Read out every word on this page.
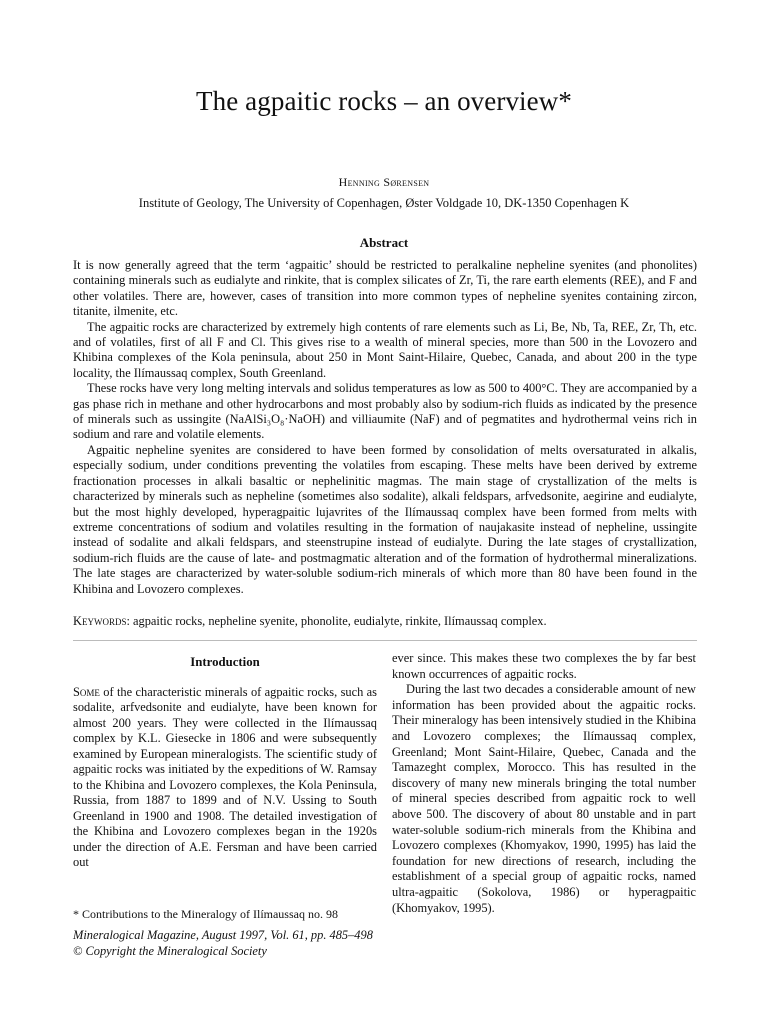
The agpaitic rocks – an overview*
Henning Sørensen
Institute of Geology, The University of Copenhagen, Øster Voldgade 10, DK-1350 Copenhagen K
Abstract

It is now generally agreed that the term ‘agpaitic’ should be restricted to peralkaline nepheline syenites (and phonolites) containing minerals such as eudialyte and rinkite, that is complex silicates of Zr, Ti, the rare earth elements (REE), and F and other volatiles. There are, however, cases of transition into more common types of nepheline syenites containing zircon, titanite, ilmenite, etc.

The agpaitic rocks are characterized by extremely high contents of rare elements such as Li, Be, Nb, Ta, REE, Zr, Th, etc. and of volatiles, first of all F and Cl. This gives rise to a wealth of mineral species, more than 500 in the Lovozero and Khibina complexes of the Kola peninsula, about 250 in Mont Saint-Hilaire, Quebec, Canada, and about 200 in the type locality, the Ilímaussaq complex, South Greenland.

These rocks have very long melting intervals and solidus temperatures as low as 500 to 400°C. They are accompanied by a gas phase rich in methane and other hydrocarbons and most probably also by sodium-rich fluids as indicated by the presence of minerals such as ussingite (NaAlSi₃O₈·NaOH) and villiaumite (NaF) and of pegmatites and hydrothermal veins rich in sodium and rare and volatile elements.

Agpaitic nepheline syenites are considered to have been formed by consolidation of melts oversaturated in alkalis, especially sodium, under conditions preventing the volatiles from escaping. These melts have been derived by extreme fractionation processes in alkali basaltic or nephelinitic magmas. The main stage of crystallization of the melts is characterized by minerals such as nepheline (sometimes also sodalite), alkali feldspars, arfvedsonite, aegirine and eudialyte, but the most highly developed, hyperagpaitic lujavrites of the Ilímaussaq complex have been formed from melts with extreme concentrations of sodium and volatiles resulting in the formation of naujakasite instead of nepheline, ussingite instead of sodalite and alkali feldspars, and steenstrupine instead of eudialyte. During the late stages of crystallization, sodium-rich fluids are the cause of late- and postmagmatic alteration and of the formation of hydrothermal mineralizations. The late stages are characterized by water-soluble sodium-rich minerals of which more than 80 have been found in the Khibina and Lovozero complexes.

Keywords: agpaitic rocks, nepheline syenite, phonolite, eudialyte, rinkite, Ilímaussaq complex.
Introduction

Some of the characteristic minerals of agpaitic rocks, such as sodalite, arfvedsonite and eudialyte, have been known for almost 200 years. They were collected in the Ilímaussaq complex by K.L. Giesecke in 1806 and were subsequently examined by European mineralogists. The scientific study of agpaitic rocks was initiated by the expeditions of W. Ramsay to the Khibina and Lovozero complexes, the Kola Peninsula, Russia, from 1887 to 1899 and of N.V. Ussing to South Greenland in 1900 and 1908. The detailed investigation of the Khibina and Lovozero complexes began in the 1920s under the direction of A.E. Fersman and have been carried out

ever since. This makes these two complexes the by far best known occurrences of agpaitic rocks.

During the last two decades a considerable amount of new information has been provided about the agpaitic rocks. Their mineralogy has been intensively studied in the Khibina and Lovozero complexes; the Ilímaussaq complex, Greenland; Mont Saint-Hilaire, Quebec, Canada and the Tamazeght complex, Morocco. This has resulted in the discovery of many new minerals bringing the total number of mineral species described from agpaitic rock to well above 500. The discovery of about 80 unstable and in part water-soluble sodium-rich minerals from the Khibina and Lovozero complexes (Khomyakov, 1990, 1995) has laid the foundation for new directions of research, including the establishment of a special group of agpaitic rocks, named ultra-agpaitic (Sokolova, 1986) or hyperagpaitic (Khomyakov, 1995).

* Contributions to the Mineralogy of Ilímaussaq no. 98
Mineralogical Magazine, August 1997, Vol. 61, pp. 485–498
© Copyright the Mineralogical Society
